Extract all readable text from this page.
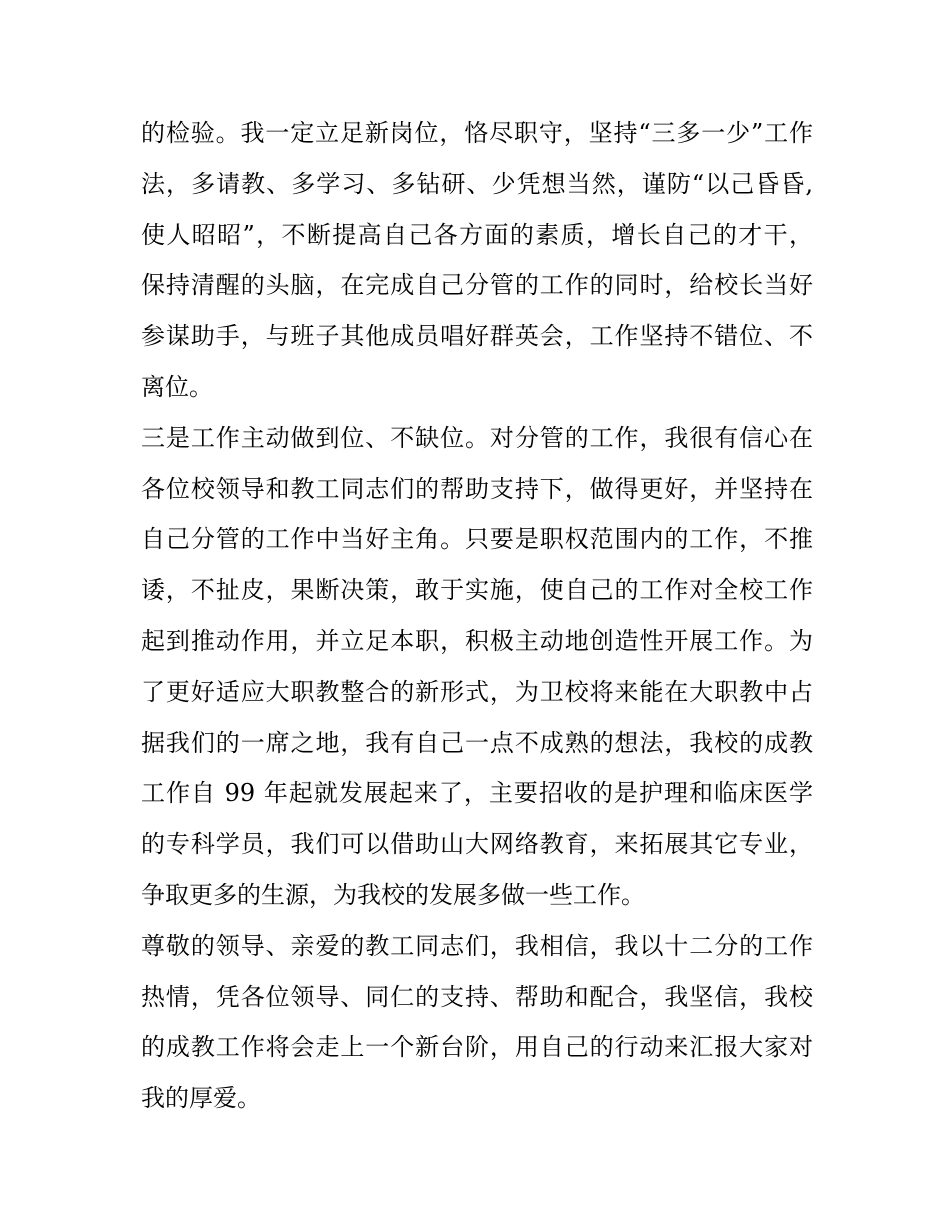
的检验。我一定立足新岗位，恪尽职守，坚持“三多一少”工作
法，多请教、多学习、多钻研、少凭想当然，谨防“以己昏昏,
使人昭昭”，不断提高自己各方面的素质，增长自己的才干，
保持清醒的头脑，在完成自己分管的工作的同时，给校长当好
参谋助手，与班子其他成员唱好群英会，工作坚持不错位、不
离位。
三是工作主动做到位、不缺位。对分管的工作，我很有信心在
各位校领导和教工同志们的帮助支持下，做得更好，并坚持在
自己分管的工作中当好主角。只要是职权范围内的工作，不推
诿，不扯皮，果断决策，敢于实施，使自己的工作对全校工作
起到推动作用，并立足本职，积极主动地创造性开展工作。为
了更好适应大职教整合的新形式，为卫校将来能在大职教中占
据我们的一席之地，我有自己一点不成熟的想法，我校的成教
工作自 99 年起就发展起来了，主要招收的是护理和临床医学
的专科学员，我们可以借助山大网络教育，来拓展其它专业，
争取更多的生源，为我校的发展多做一些工作。
尊敬的领导、亲爱的教工同志们，我相信，我以十二分的工作
热情，凭各位领导、同仁的支持、帮助和配合，我坚信，我校
的成教工作将会走上一个新台阶，用自己的行动来汇报大家对
我的厚爱。
